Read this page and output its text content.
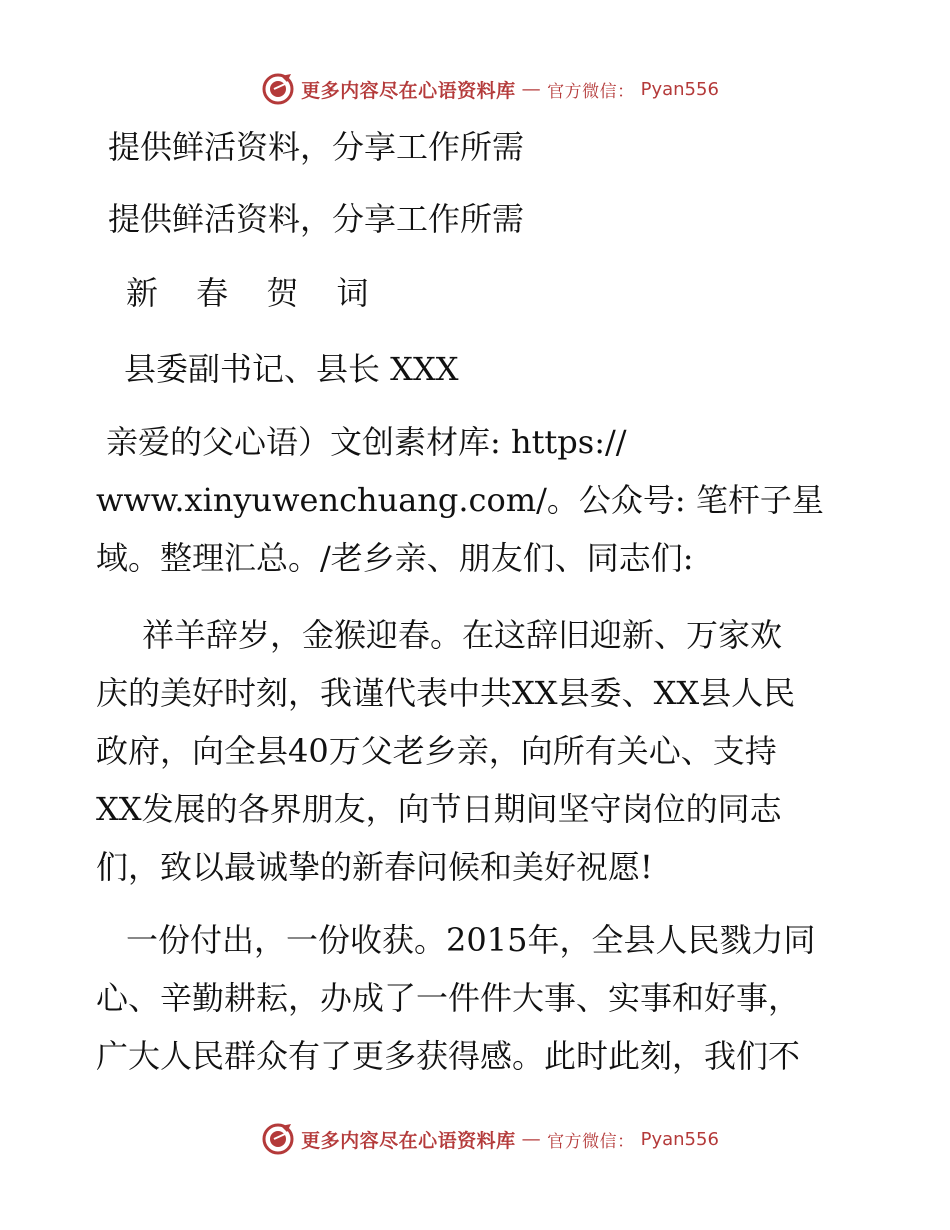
更多内容尽在心语资料库 — 官方微信： Pyan556
提供鲜活资料，分享工作所需
提供鲜活资料，分享工作所需
新 春 贺 词
县委副书记、县长 XXX
亲爱的父心语）文创素材库: https://
www.xinyuwenchuang.com/。公众号: 笔杆子星
域。整理汇总。/老乡亲、朋友们、同志们:
祥羊辞岁，金猴迎春。在这辞旧迎新、万家欢
庆的美好时刻，我谨代表中共XX县委、XX县人民
政府，向全县40万父老乡亲，向所有关心、支持
XX发展的各界朋友，向节日期间坚守岗位的同志
们，致以最诚挚的新春问候和美好祝愿!
一份付出，一份收获。2015年，全县人民戮力同
心、辛勤耕耘，办成了一件件大事、实事和好事，
广大人民群众有了更多获得感。此时此刻，我们不
更多内容尽在心语资料库 — 官方微信： Pyan556
